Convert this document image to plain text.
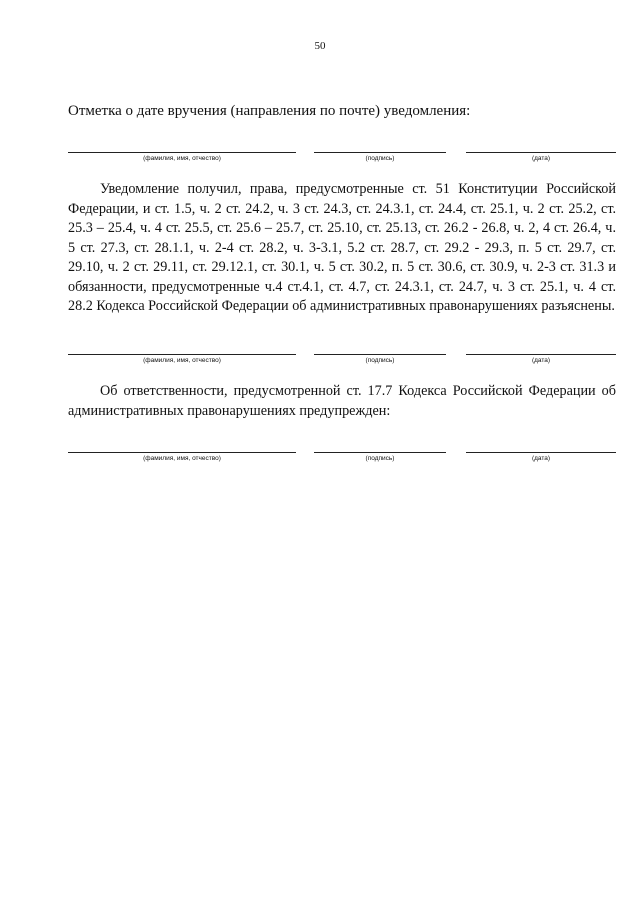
50
Отметка о дате вручения (направления по почте) уведомления:
(фамилия, имя, отчество)	(подпись)	(дата)
Уведомление получил, права, предусмотренные ст. 51 Конституции Российской Федерации, и ст. 1.5, ч. 2 ст. 24.2, ч. 3 ст. 24.3, ст. 24.3.1, ст. 24.4, ст. 25.1, ч. 2 ст. 25.2, ст. 25.3 – 25.4, ч. 4 ст. 25.5, ст. 25.6 – 25.7, ст. 25.10, ст. 25.13, ст. 26.2 - 26.8, ч. 2, 4 ст. 26.4, ч. 5 ст. 27.3, ст. 28.1.1, ч. 2-4 ст. 28.2, ч. 3-3.1, 5.2 ст. 28.7, ст. 29.2 - 29.3, п. 5 ст. 29.7, ст. 29.10, ч. 2 ст. 29.11, ст. 29.12.1, ст. 30.1, ч. 5 ст. 30.2, п. 5 ст. 30.6, ст. 30.9, ч. 2-3 ст. 31.3 и обязанности, предусмотренные ч.4 ст.4.1, ст. 4.7, ст. 24.3.1, ст. 24.7, ч. 3 ст. 25.1, ч. 4 ст. 28.2 Кодекса Российской Федерации об административных правонарушениях разъяснены.
(фамилия, имя, отчество)	(подпись)	(дата)
Об ответственности, предусмотренной ст. 17.7 Кодекса Российской Федерации об административных правонарушениях предупрежден:
(фамилия, имя, отчество)	(подпись)	(дата)
